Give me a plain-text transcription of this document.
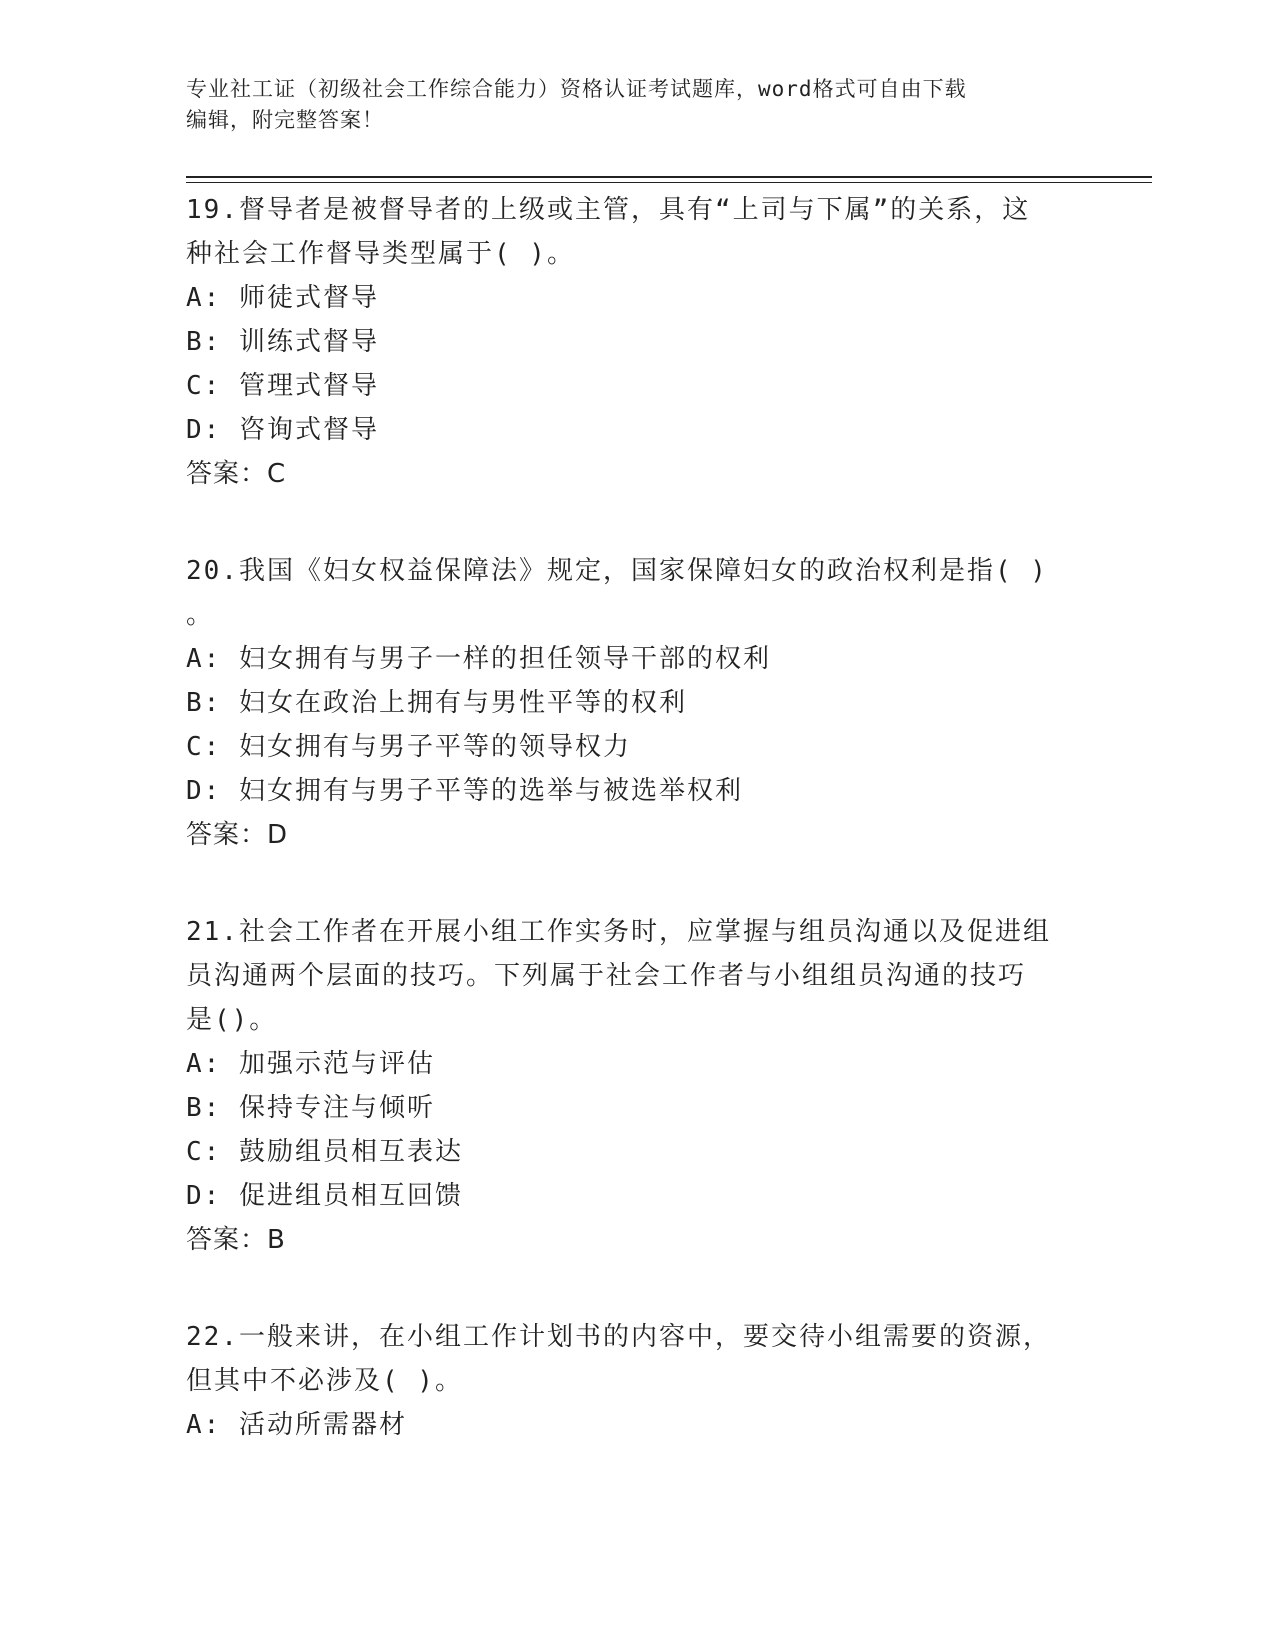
专业社工证（初级社会工作综合能力）资格认证考试题库，word格式可自由下载
编辑，附完整答案！

19.督导者是被督导者的上级或主管，具有“上司与下属”的关系，这

种社会工作督导类型属于( )。

A: 师徒式督导

B: 训练式督导

C: 管理式督导

D: 咨询式督导

答案：C

20.我国《妇女权益保障法》规定，国家保障妇女的政治权利是指( )

。

A: 妇女拥有与男子一样的担任领导干部的权利

B: 妇女在政治上拥有与男性平等的权利

C: 妇女拥有与男子平等的领导权力

D: 妇女拥有与男子平等的选举与被选举权利

答案：D

21.社会工作者在开展小组工作实务时，应掌握与组员沟通以及促进组

员沟通两个层面的技巧。下列属于社会工作者与小组组员沟通的技巧

是()。

A: 加强示范与评估

B: 保持专注与倾听

C: 鼓励组员相互表达

D: 促进组员相互回馈

答案：B

22.一般来讲，在小组工作计划书的内容中，要交待小组需要的资源，

但其中不必涉及( )。

A: 活动所需器材
